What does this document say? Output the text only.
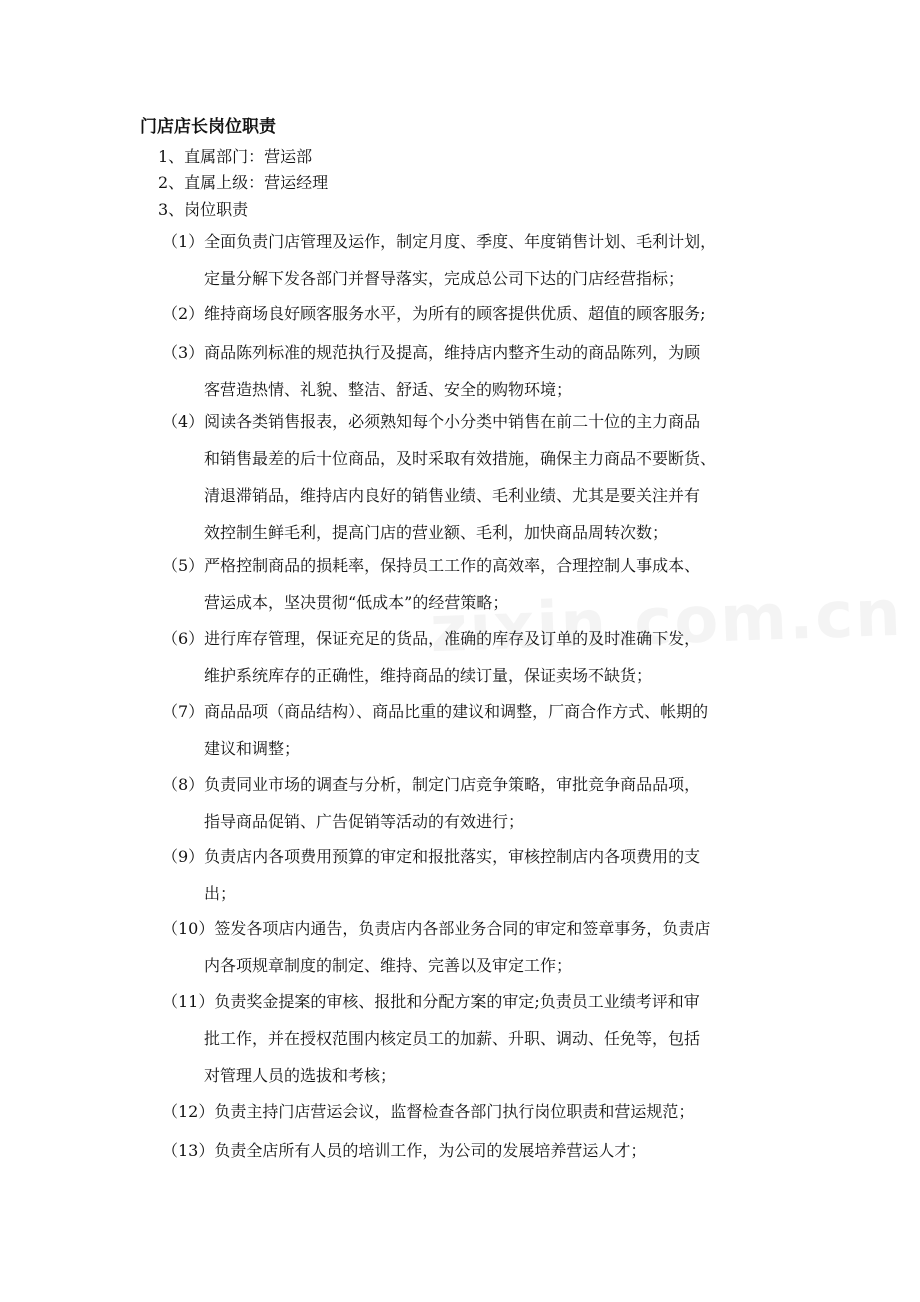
门店店长岗位职责
1、直属部门：营运部
2、直属上级：营运经理
3、岗位职责
（1）全面负责门店管理及运作，制定月度、季度、年度销售计划、毛利计划，
定量分解下发各部门并督导落实，完成总公司下达的门店经营指标；
（2）维持商场良好顾客服务水平，为所有的顾客提供优质、超值的顾客服务;
（3）商品陈列标准的规范执行及提高，维持店内整齐生动的商品陈列，为顾
客营造热情、礼貌、整洁、舒适、安全的购物环境；
（4）阅读各类销售报表，必须熟知每个小分类中销售在前二十位的主力商品
和销售最差的后十位商品，及时采取有效措施，确保主力商品不要断货、
清退滞销品，维持店内良好的销售业绩、毛利业绩、尤其是要关注并有
效控制生鲜毛利，提高门店的营业额、毛利，加快商品周转次数；
（5）严格控制商品的损耗率，保持员工工作的高效率，合理控制人事成本、
营运成本，坚决贯彻“低成本”的经营策略；
（6）进行库存管理，保证充足的货品，准确的库存及订单的及时准确下发，
维护系统库存的正确性，维持商品的续订量，保证卖场不缺货；
（7）商品品项（商品结构）、商品比重的建议和调整，厂商合作方式、帐期的
建议和调整；
（8）负责同业市场的调查与分析，制定门店竞争策略，审批竞争商品品项，
指导商品促销、广告促销等活动的有效进行；
（9）负责店内各项费用预算的审定和报批落实，审核控制店内各项费用的支
出；
（10）签发各项店内通告，负责店内各部业务合同的审定和签章事务，负责店
内各项规章制度的制定、维持、完善以及审定工作；
（11）负责奖金提案的审核、报批和分配方案的审定;负责员工业绩考评和审
批工作，并在授权范围内核定员工的加薪、升职、调动、任免等，包括
对管理人员的选拔和考核；
（12）负责主持门店营运会议，监督检查各部门执行岗位职责和营运规范；
（13）负责全店所有人员的培训工作，为公司的发展培养营运人才；
